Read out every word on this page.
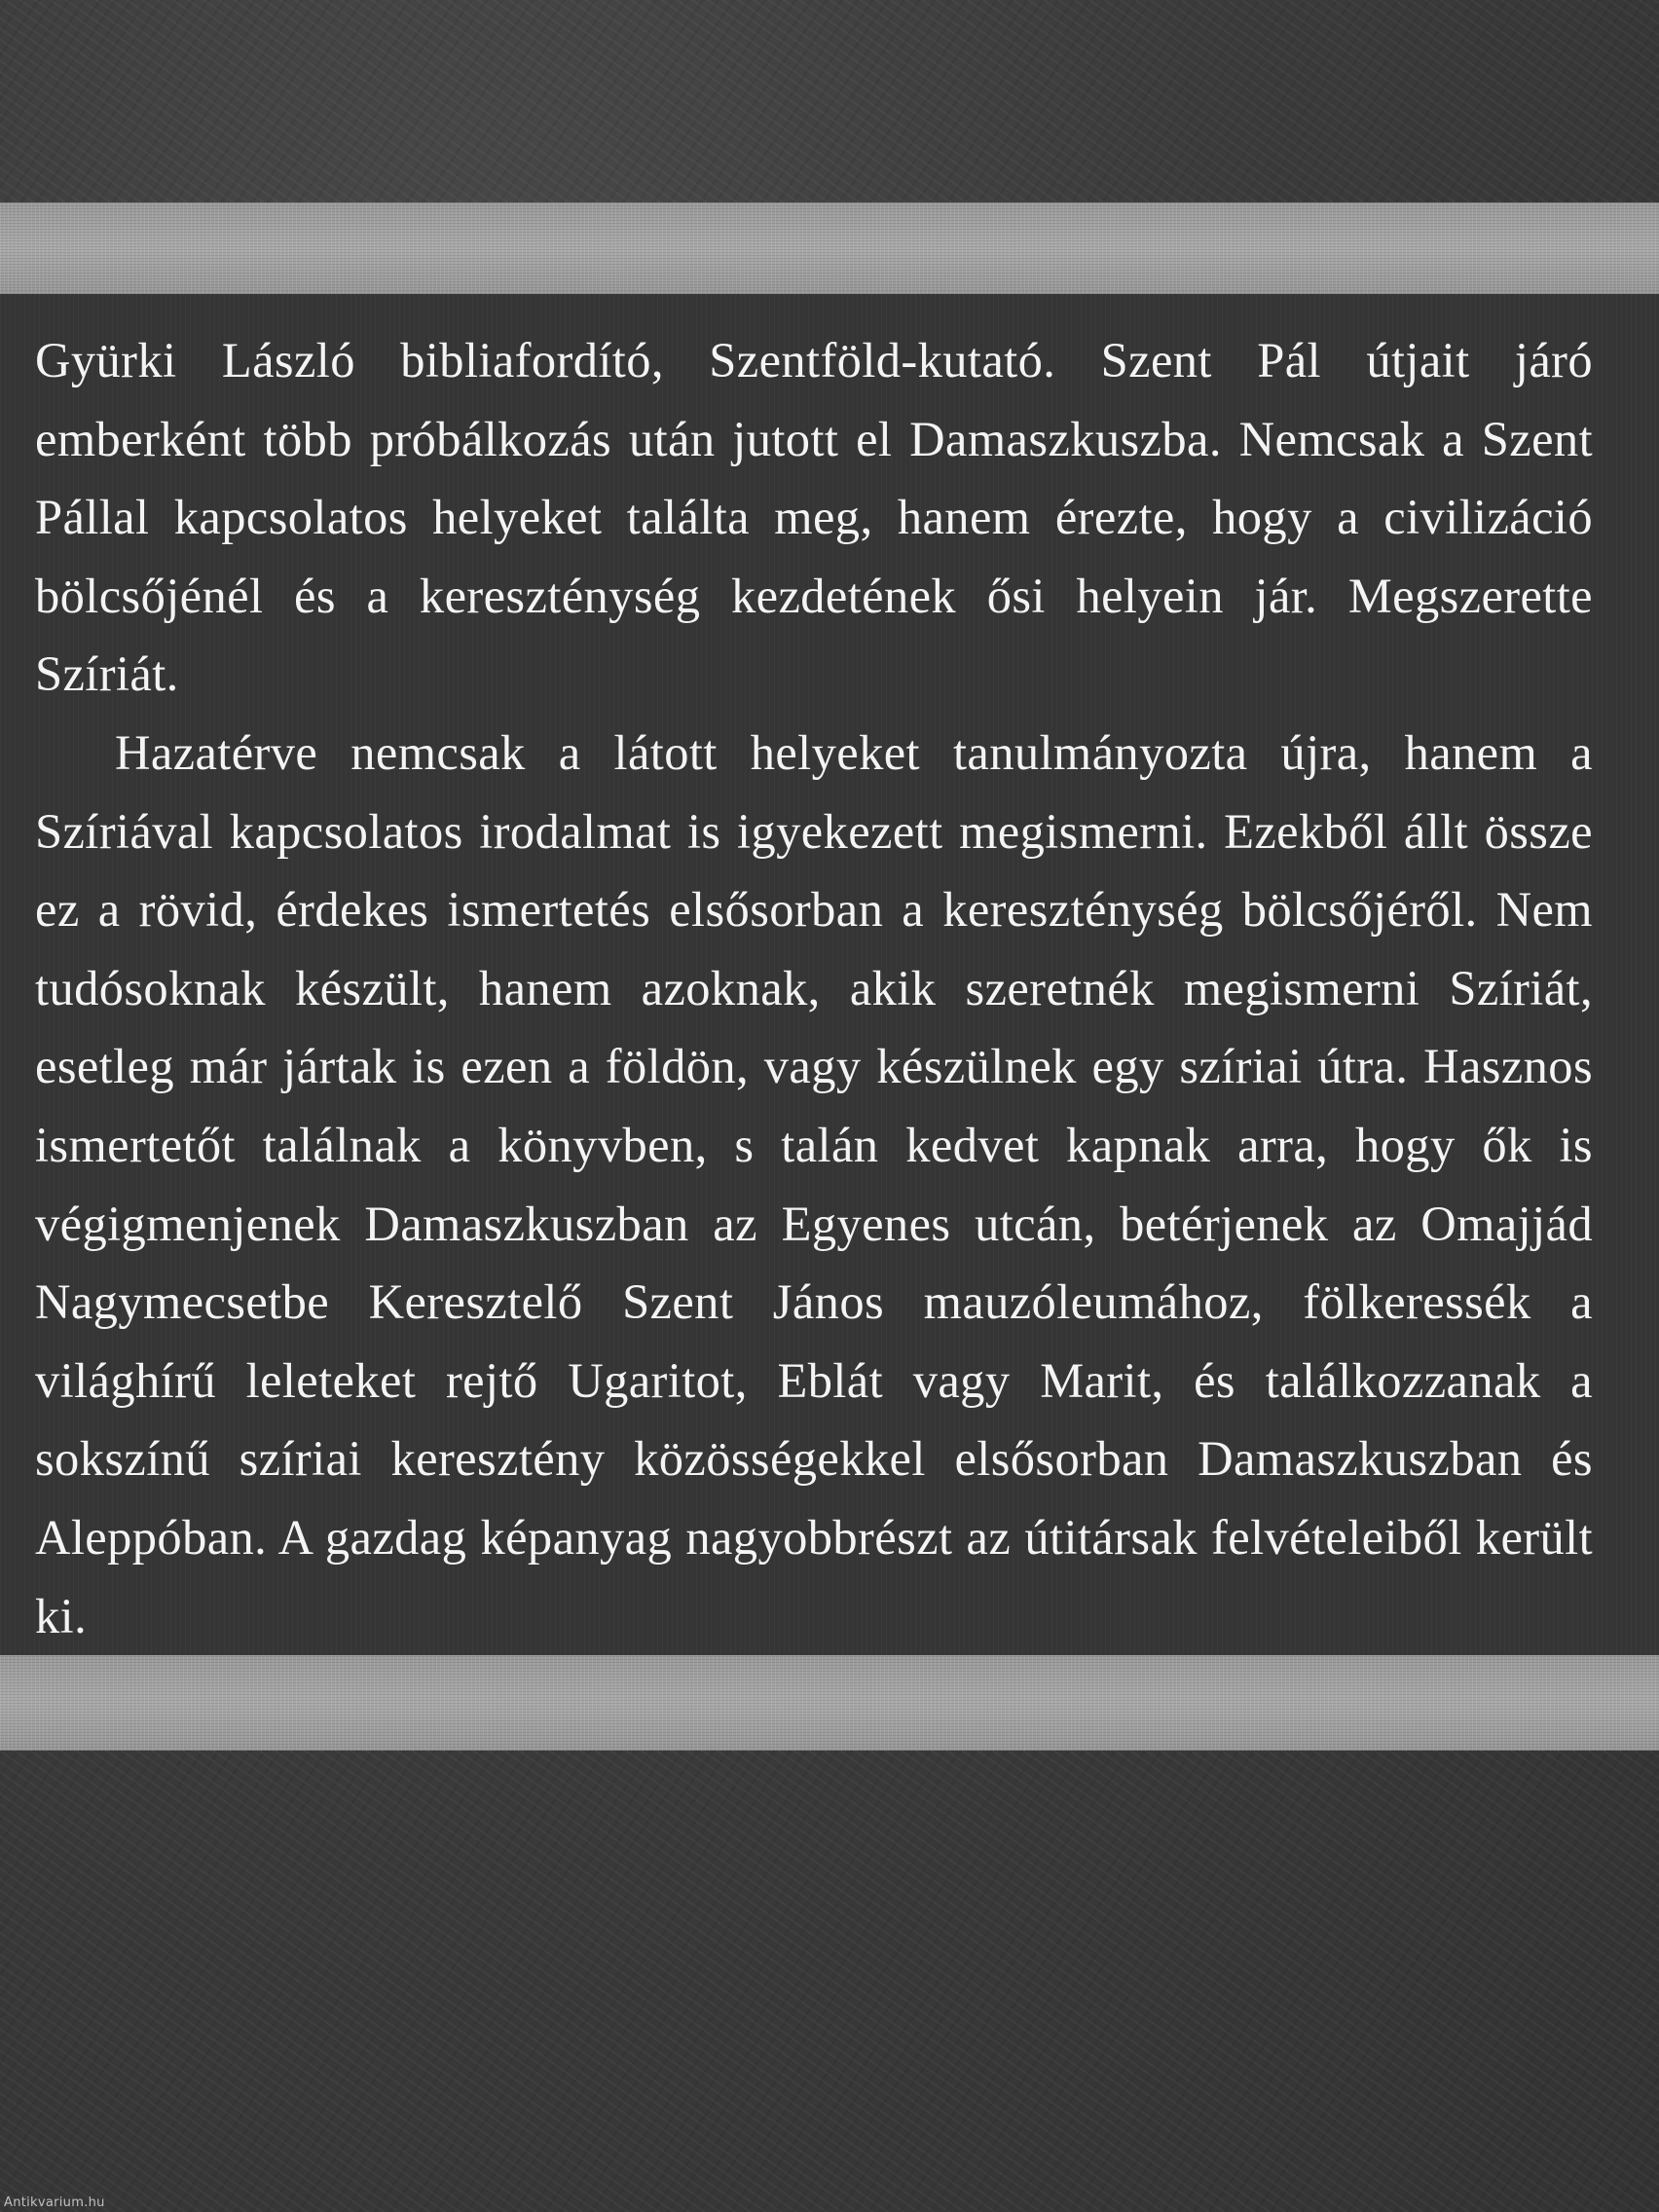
Gyürki László bibliafordító, Szentföld-kutató. Szent Pál útjait járó emberként több próbálkozás után jutott el Damaszkuszba. Nemcsak a Szent Pállal kapcsolatos helyeket találta meg, hanem érezte, hogy a civilizáció bölcsőjénél és a kereszténység kezdetének ősi helyein jár. Megszerette Szíriát.

Hazatérve nemcsak a látott helyeket tanulmányozta újra, hanem a Szíriával kapcsolatos irodalmat is igyekezett megismerni. Ezekből állt össze ez a rövid, érdekes ismertetés elsősorban a kereszténység bölcsőjéről. Nem tudósoknak készült, hanem azoknak, akik szeretnék megismerni Szíriát, esetleg már jártak is ezen a földön, vagy készülnek egy szíriai útra. Hasznos ismertetőt találnak a könyvben, s talán kedvet kapnak arra, hogy ők is végigmenjenek Damaszkuszban az Egyenes utcán, betérjenek az Omajjád Nagymecsetbe Keresztelő Szent János mauzóleumához, fölkeressék a világhírű leleteket rejtő Ugaritot, Eblát vagy Marit, és találkozzanak a sokszínű szíriai keresztény közösségekkel elsősorban Damaszkuszban és Aleppóban. A gazdag képanyag nagyobbrészt az útitársak felvételeiből került ki.

Antikvarium.hu
